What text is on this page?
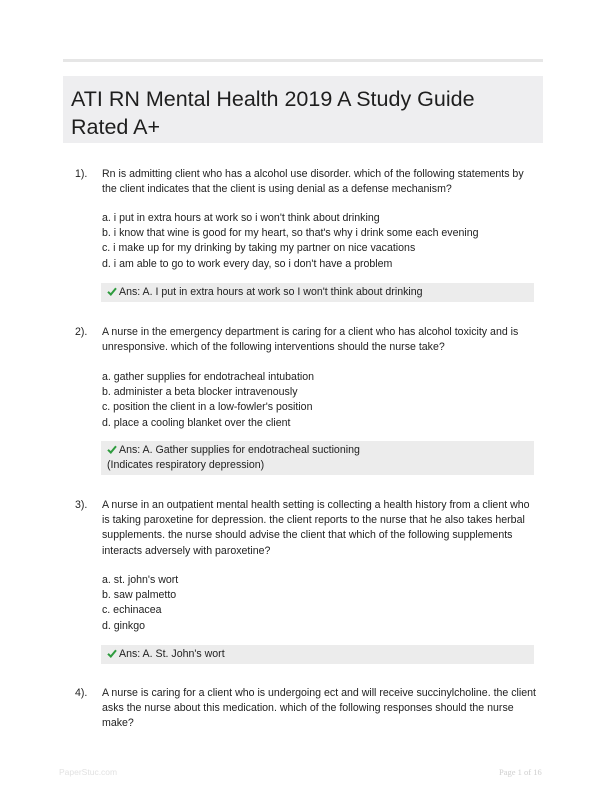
ATI RN Mental Health 2019 A Study Guide Rated A+
1). Rn is admitting client who has a alcohol use disorder. which of the following statements by the client indicates that the client is using denial as a defense mechanism?
a. i put in extra hours at work so i won't think about drinking
b. i know that wine is good for my heart, so that's why i drink some each evening
c. i make up for my drinking by taking my partner on nice vacations
d. i am able to go to work every day, so i don't have a problem
Ans: A. I put in extra hours at work so I won't think about drinking
2). A nurse in the emergency department is caring for a client who has alcohol toxicity and is unresponsive. which of the following interventions should the nurse take?
a. gather supplies for endotracheal intubation
b. administer a beta blocker intravenously
c. position the client in a low-fowler's position
d. place a cooling blanket over the client
Ans: A. Gather supplies for endotracheal suctioning
(Indicates respiratory depression)
3). A nurse in an outpatient mental health setting is collecting a health history from a client who is taking paroxetine for depression. the client reports to the nurse that he also takes herbal supplements. the nurse should advise the client that which of the following supplements interacts adversely with paroxetine?
a. st. john's wort
b. saw palmetto
c. echinacea
d. ginkgo
Ans: A. St. John's wort
4). A nurse is caring for a client who is undergoing ect and will receive succinylcholine. the client asks the nurse about this medication. which of the following responses should the nurse make?
PaperStuc.com	Page 1 of 16
